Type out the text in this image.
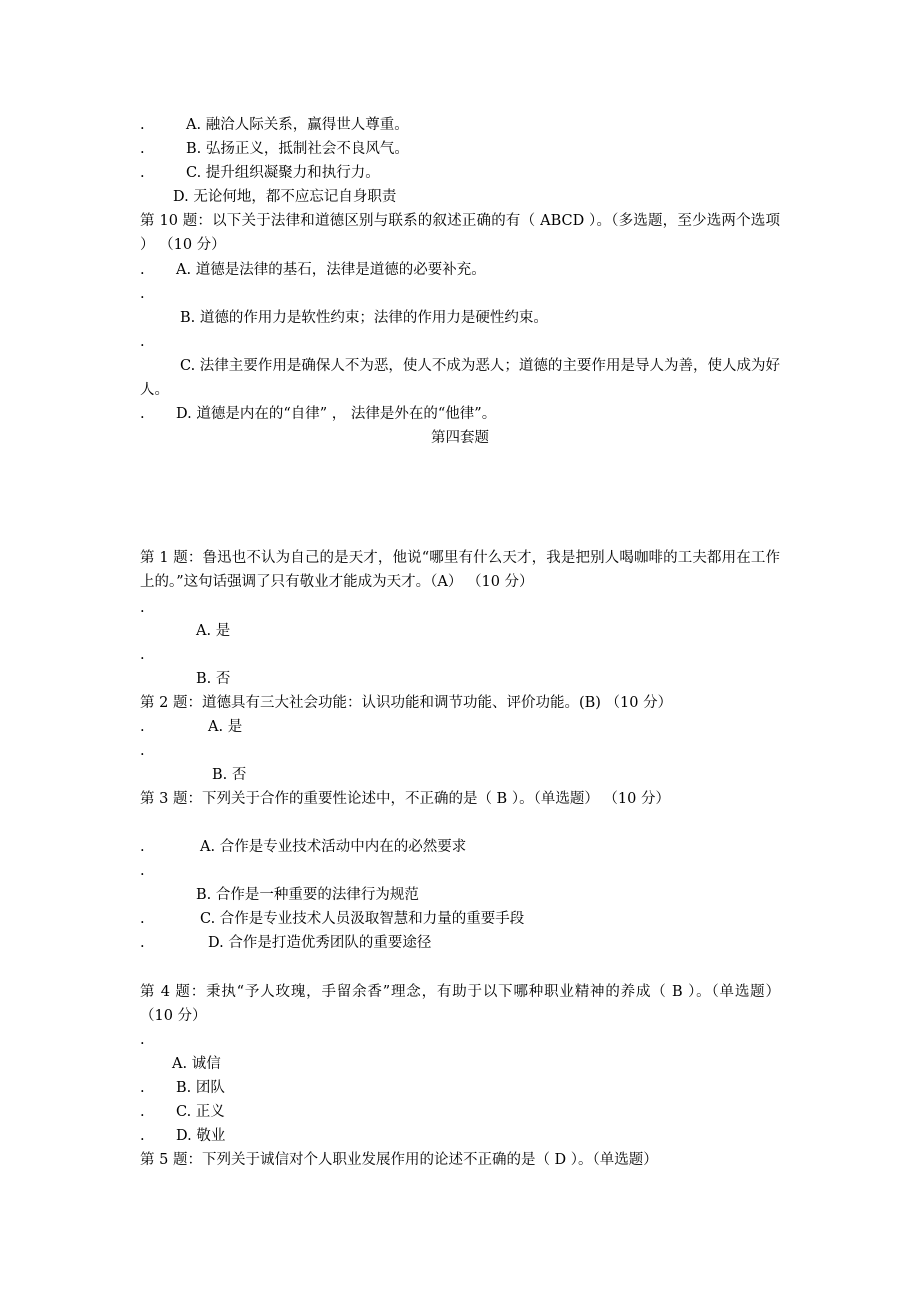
.	A. 融洽人际关系，赢得世人尊重。
.	B. 弘扬正义，抵制社会不良风气。
.	C. 提升组织凝聚力和执行力。
D. 无论何地，都不应忘记自身职责
第 10 题：以下关于法律和道德区别与联系的叙述正确的有（ ABCD ）。（多选题，至少选两个选项 ） （10 分）
. A. 道德是法律的基石，法律是道德的必要补充。
.
B. 道德的作用力是软性约束；法律的作用力是硬性约束。
.
C. 法律主要作用是确保人不为恶，使人不成为恶人；道德的主要作用是导人为善，使人成为好人。
. D. 道德是内在的“自律” ， 法律是外在的“他律”。
第四套题
第 1 题：鲁迅也不认为自己的是天才，他说“哪里有什么天才，我是把别人喝咖啡的工夫都用在工作上的。”这句话强调了只有敬业才能成为天才。（A） （10 分）
.
A. 是
.
B. 否
第 2 题：道德具有三大社会功能：认识功能和调节功能、评价功能。(B) （10 分）
.	A. 是
.
B. 否
第 3 题：下列关于合作的重要性论述中，不正确的是（ B ）。（单选题） （10 分）
.	A. 合作是专业技术活动中内在的必然要求
.
B. 合作是一种重要的法律行为规范
.	C. 合作是专业技术人员汲取智慧和力量的重要手段
.	D. 合作是打造优秀团队的重要途径
第 4 题：秉执“予人玫瑰，手留余香”理念，有助于以下哪种职业精神的养成（ B ）。（单选题） （10 分）
.
A. 诚信
. B. 团队
. C. 正义
. D. 敬业
第 5 题：下列关于诚信对个人职业发展作用的论述不正确的是（ D ）。（单选题）
